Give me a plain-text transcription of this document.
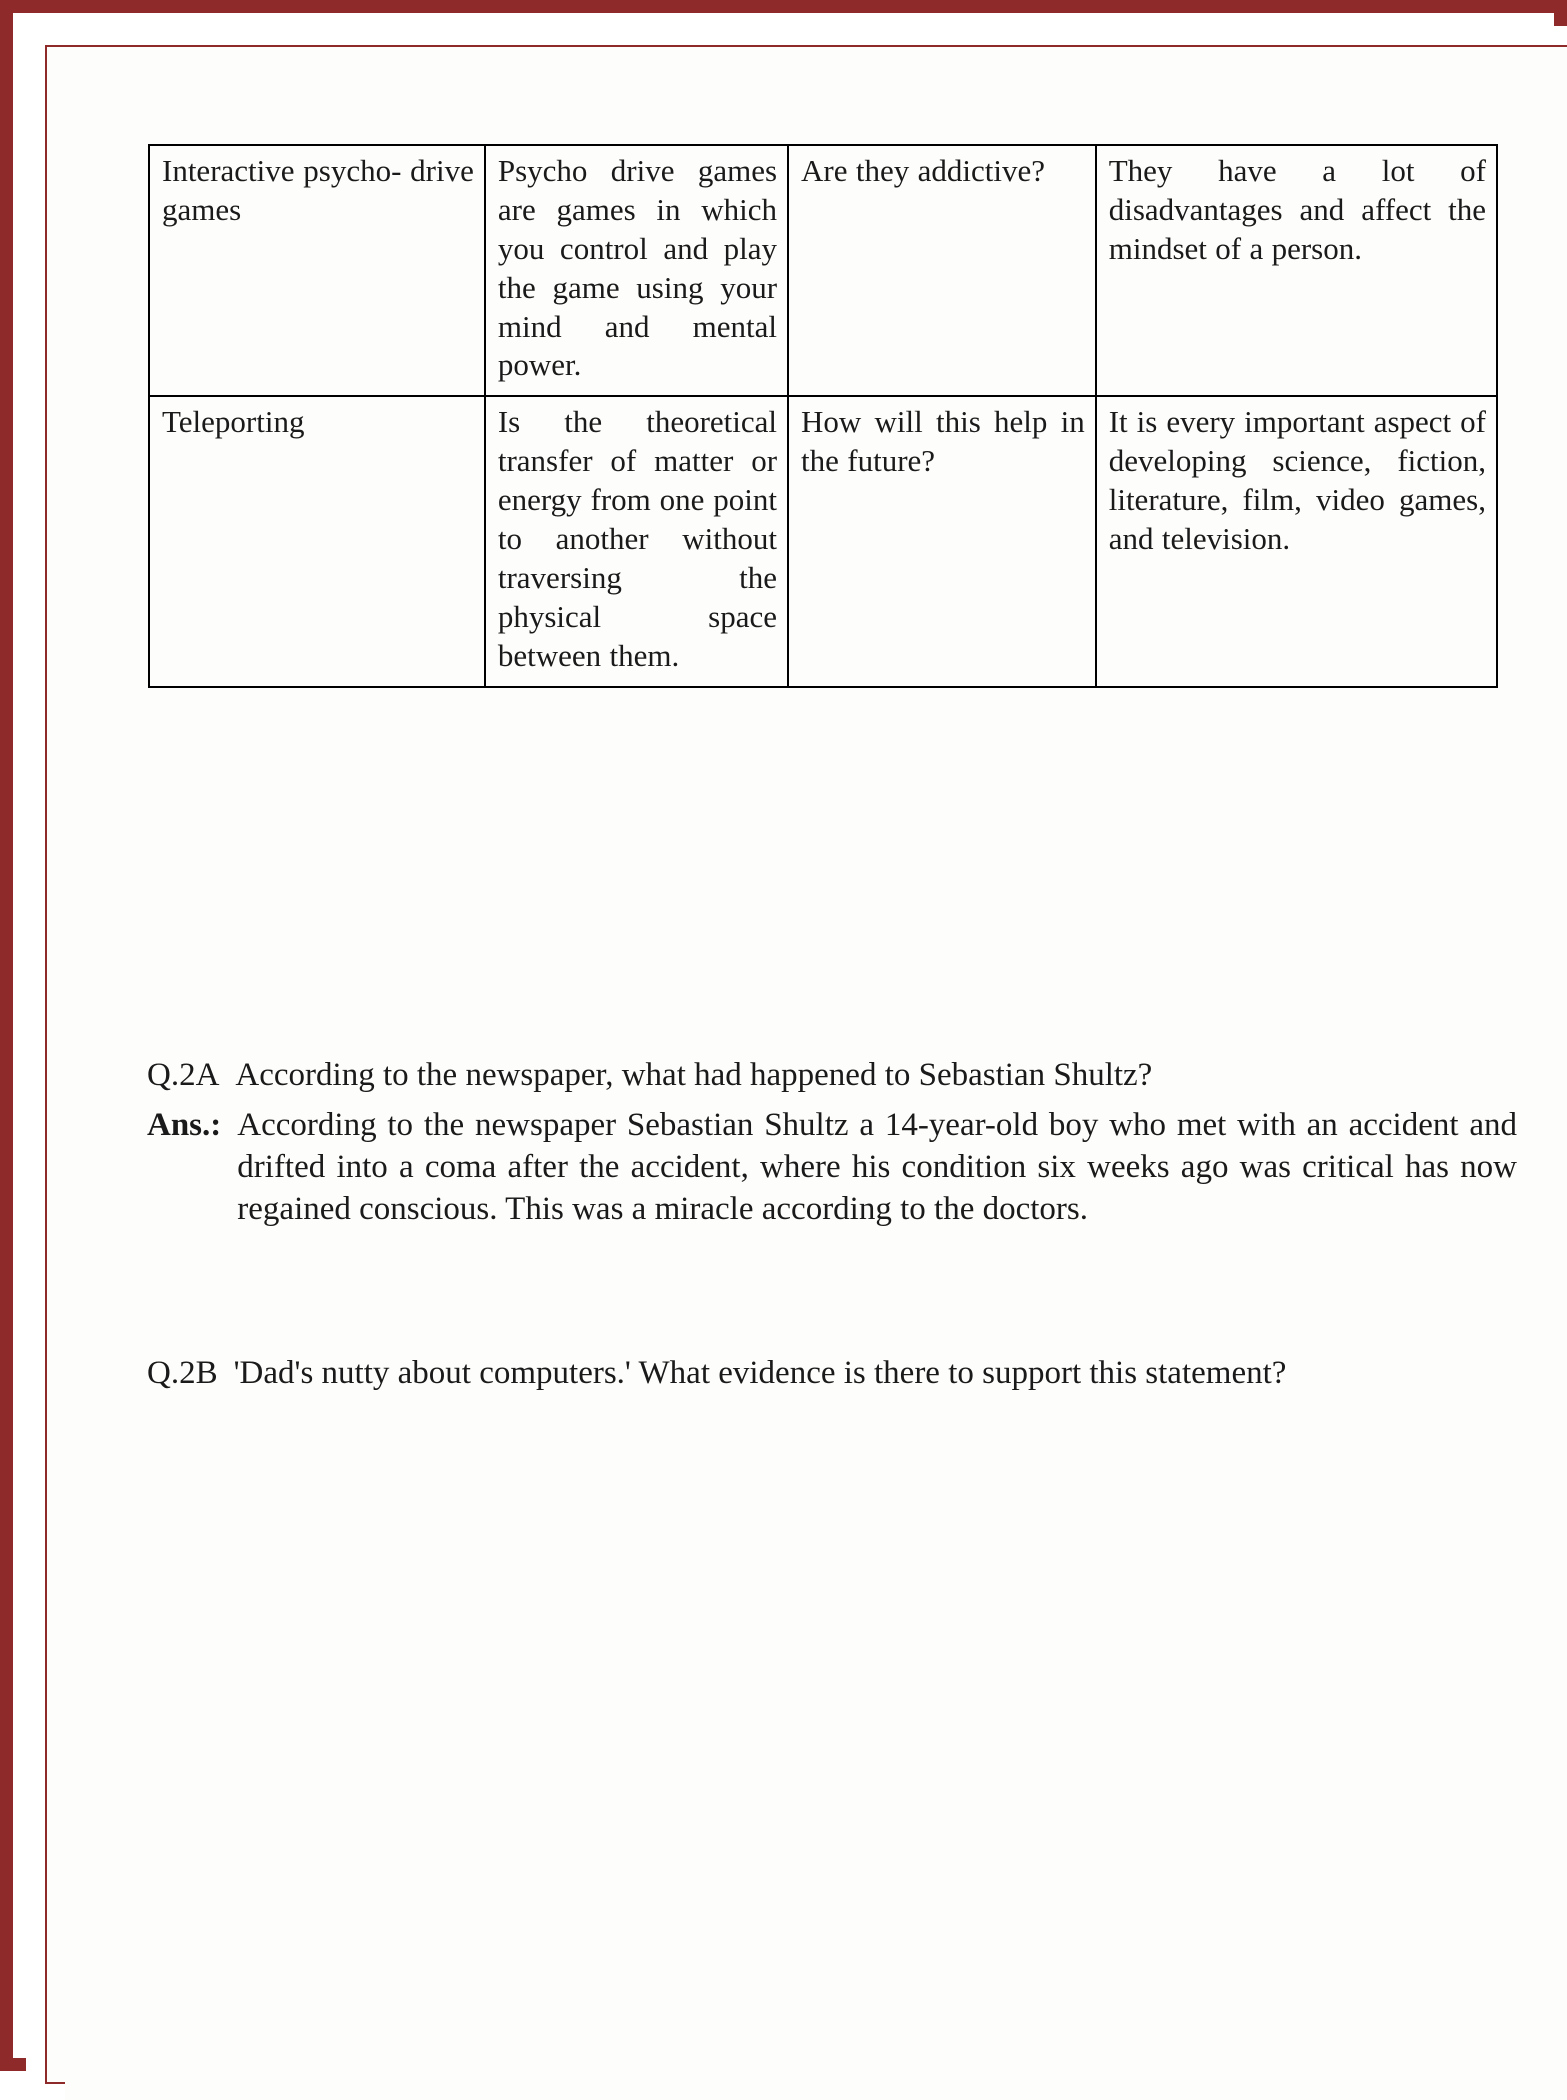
Interactive psycho- drive games	Psycho drive games are games in which you control and play the game using your mind and mental power.	Are they addictive?	They have a lot of disadvantages and affect the mindset of a person.
Teleporting	Is the theoretical transfer of matter or energy from one point to another without traversing the physical space between them.	How will this help in the future?	It is every important aspect of developing science, fiction, literature, film, video games, and television.
Q.2A According to the newspaper, what had happened to Sebastian Shultz?
Ans.: According to the newspaper Sebastian Shultz a 14-year-old boy who met with an accident and drifted into a coma after the accident, where his condition six weeks ago was critical has now regained conscious. This was a miracle according to the doctors.
Q.2B 'Dad's nutty about computers.' What evidence is there to support this statement?
